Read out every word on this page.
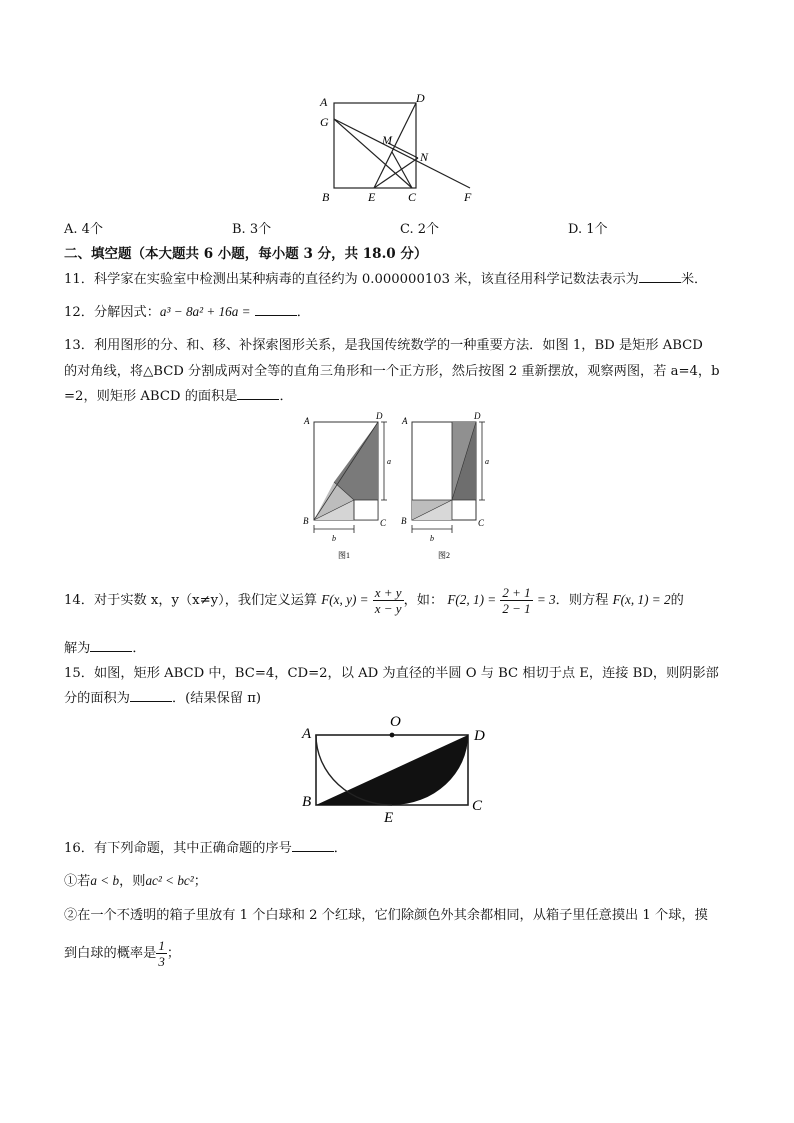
A	D
G
M
N
B	E	C	F
A. 4个	B. 3个	C. 2个	D. 1个
二、填空题（本大题共 6 小题，每小题 3 分，共 18.0 分）
11．科学家在实验室中检测出某种病毒的直径约为 0.000000103 米，该直径用科学记数法表示为	米．
12．分解因式：a³ − 8a² + 16a =	．
13．利用图形的分、和、移、补探索图形关系，是我国传统数学的一种重要方法．如图 1，BD 是矩形 ABCD
的对角线，将△BCD 分割成两对全等的直角三角形和一个正方形，然后按图 2 重新摆放，观察两图，若 a=4，b
=2，则矩形 ABCD 的面积是	．
A	D
a
B	C
b
图1
A	D
a
B	C
b
图2
14．对于实数 x，y（x≠y），我们定义运算 F(x, $y) = \frac{x + y}{x - y}$ ，如： F(2, $1) = \frac{2 + 1}{2 - 1} = 3$．则方程 F(x, 1) = 2的
解为	．
15．如图，矩形 ABCD 中，BC=4，CD=2，以 AD 为直径的半圆 O 与 BC 相切于点 E，连接 BD，则阴影部
分的面积为	．(结果保留 π)
A
O
D
B
E
C
16．有下列命题，其中正确命题的序号	．
①若a < b，则ac² < bc²；
②在一个不透明的箱子里放有 1 个白球和 2 个红球，它们除颜色外其余都相同，从箱子里任意摸出 1 个球，摸
到白球的概率是 $\frac{1}{3}$ ；
